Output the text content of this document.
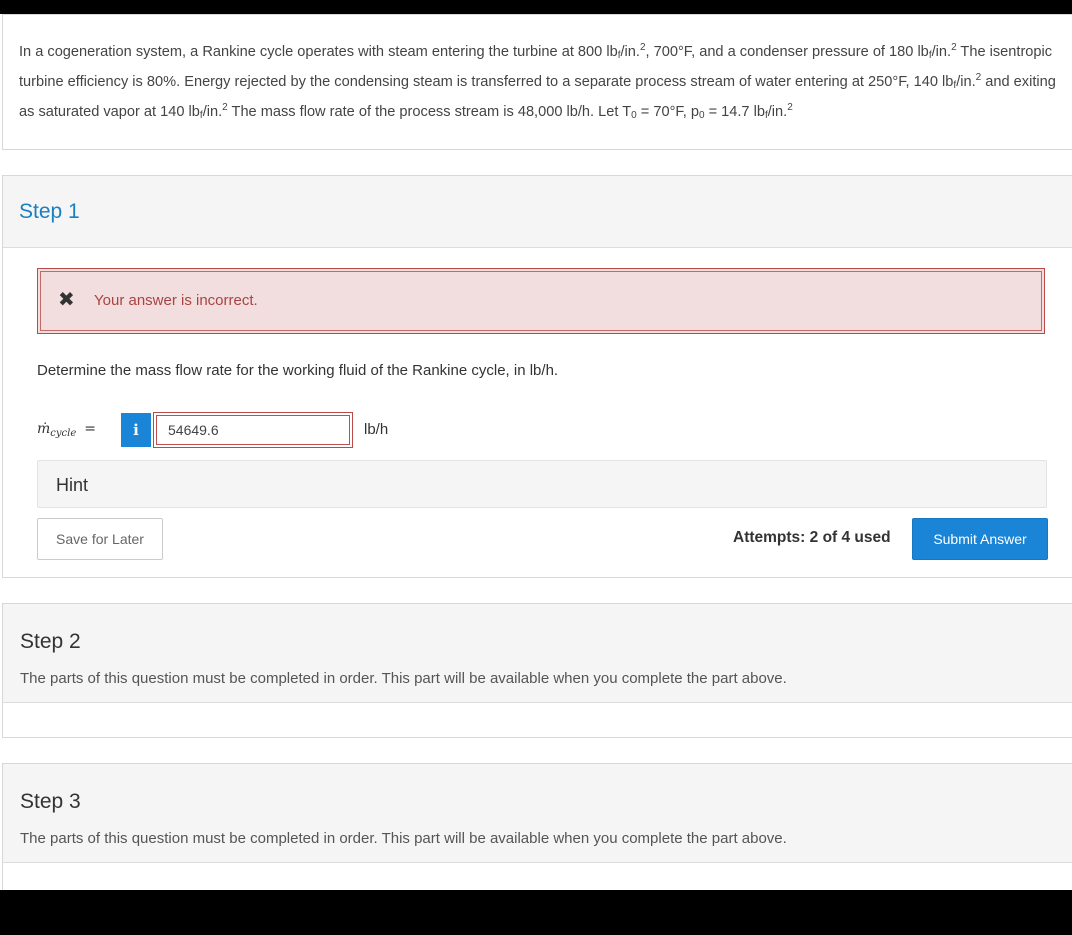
In a cogeneration system, a Rankine cycle operates with steam entering the turbine at 800 $lb_f/in.^2$, 700°F, and a condenser pressure of 180 $lb_f/in.^2$ The isentropic turbine efficiency is 80%. Energy rejected by the condensing steam is transferred to a separate process stream of water entering at 250°F, 140 $lb_f/in.^2$ and exiting as saturated vapor at 140 $lb_f/in.^2$ The mass flow rate of the process stream is 48,000 lb/h. Let $T_0 = 70^\circ F$, $p_0 = 14.7$ $lb_f/in.^2$
Step 1
✖ Your answer is incorrect.
Determine the mass flow rate for the working fluid of the Rankine cycle, in lb/h.
ṁ$_{cycle}$ =	i
54649.6	lb/h
Hint
Save for Later	Attempts: 2 of 4 used	Submit Answer
Step 2
The parts of this question must be completed in order. This part will be available when you complete the part above.
Step 3
The parts of this question must be completed in order. This part will be available when you complete the part above.
